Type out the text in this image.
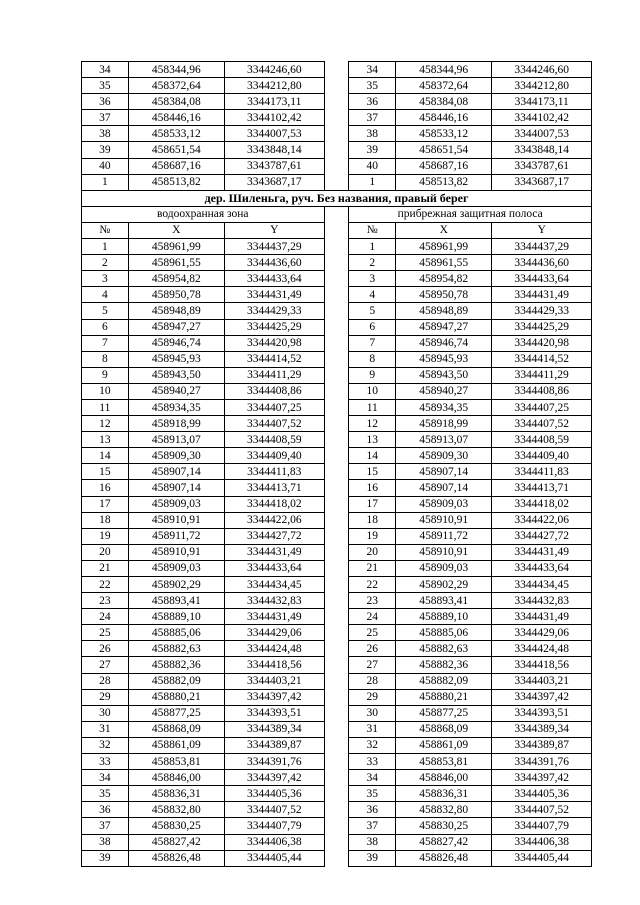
34	458344,96	3344246,60		34	458344,96	3344246,60
35	458372,64	3344212,80		35	458372,64	3344212,80
36	458384,08	3344173,11		36	458384,08	3344173,11
37	458446,16	3344102,42		37	458446,16	3344102,42
38	458533,12	3344007,53		38	458533,12	3344007,53
39	458651,54	3343848,14		39	458651,54	3343848,14
40	458687,16	3343787,61		40	458687,16	3343787,61
1	458513,82	3343687,17		1	458513,82	3343687,17
дер. Шиленьга, руч. Без названия, правый берег						
водоохранная зона				прибрежная защитная полоса		
№	X	Y		№	X	Y
1	458961,99	3344437,29		1	458961,99	3344437,29
2	458961,55	3344436,60		2	458961,55	3344436,60
3	458954,82	3344433,64		3	458954,82	3344433,64
4	458950,78	3344431,49		4	458950,78	3344431,49
5	458948,89	3344429,33		5	458948,89	3344429,33
6	458947,27	3344425,29		6	458947,27	3344425,29
7	458946,74	3344420,98		7	458946,74	3344420,98
8	458945,93	3344414,52		8	458945,93	3344414,52
9	458943,50	3344411,29		9	458943,50	3344411,29
10	458940,27	3344408,86		10	458940,27	3344408,86
11	458934,35	3344407,25		11	458934,35	3344407,25
12	458918,99	3344407,52		12	458918,99	3344407,52
13	458913,07	3344408,59		13	458913,07	3344408,59
14	458909,30	3344409,40		14	458909,30	3344409,40
15	458907,14	3344411,83		15	458907,14	3344411,83
16	458907,14	3344413,71		16	458907,14	3344413,71
17	458909,03	3344418,02		17	458909,03	3344418,02
18	458910,91	3344422,06		18	458910,91	3344422,06
19	458911,72	3344427,72		19	458911,72	3344427,72
20	458910,91	3344431,49		20	458910,91	3344431,49
21	458909,03	3344433,64		21	458909,03	3344433,64
22	458902,29	3344434,45		22	458902,29	3344434,45
23	458893,41	3344432,83		23	458893,41	3344432,83
24	458889,10	3344431,49		24	458889,10	3344431,49
25	458885,06	3344429,06		25	458885,06	3344429,06
26	458882,63	3344424,48		26	458882,63	3344424,48
27	458882,36	3344418,56		27	458882,36	3344418,56
28	458882,09	3344403,21		28	458882,09	3344403,21
29	458880,21	3344397,42		29	458880,21	3344397,42
30	458877,25	3344393,51		30	458877,25	3344393,51
31	458868,09	3344389,34		31	458868,09	3344389,34
32	458861,09	3344389,87		32	458861,09	3344389,87
33	458853,81	3344391,76		33	458853,81	3344391,76
34	458846,00	3344397,42		34	458846,00	3344397,42
35	458836,31	3344405,36		35	458836,31	3344405,36
36	458832,80	3344407,52		36	458832,80	3344407,52
37	458830,25	3344407,79		37	458830,25	3344407,79
38	458827,42	3344406,38		38	458827,42	3344406,38
39	458826,48	3344405,44		39	458826,48	3344405,44
